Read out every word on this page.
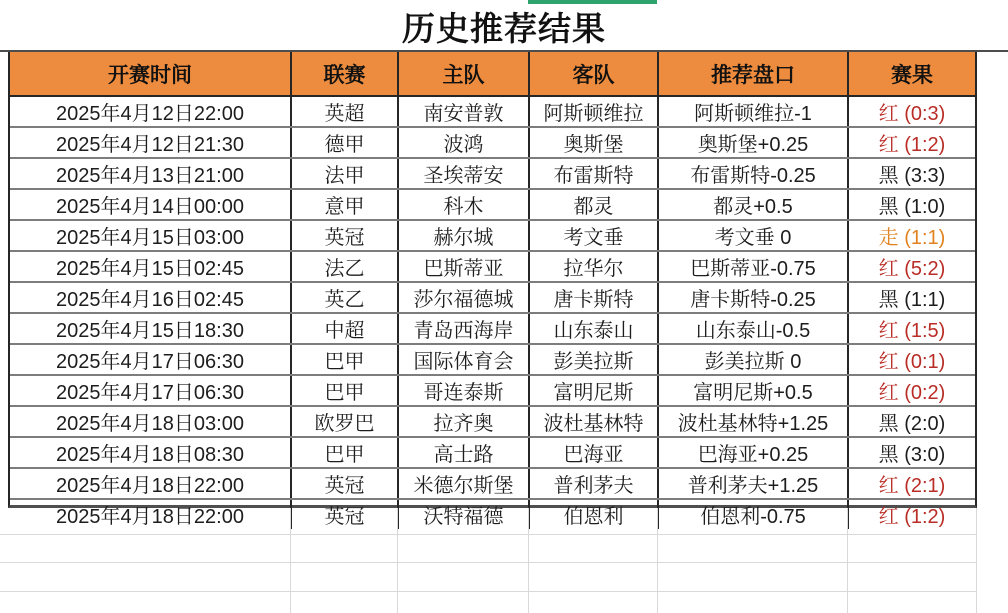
历史推荐结果
开赛时间	联赛	主队	客队	推荐盘口	赛果
2025年4月12日22:00	英超	南安普敦	阿斯顿维拉	阿斯顿维拉-1	红 (0:3)
2025年4月12日21:30	德甲	波鸿	奥斯堡	奥斯堡+0.25	红 (1:2)
2025年4月13日21:00	法甲	圣埃蒂安	布雷斯特	布雷斯特-0.25	黑 (3:3)
2025年4月14日00:00	意甲	科木	都灵	都灵+0.5	黑 (1:0)
2025年4月15日03:00	英冠	赫尔城	考文垂	考文垂 0	走 (1:1)
2025年4月15日02:45	法乙	巴斯蒂亚	拉华尔	巴斯蒂亚-0.75	红 (5:2)
2025年4月16日02:45	英乙	莎尔福德城	唐卡斯特	唐卡斯特-0.25	黑 (1:1)
2025年4月15日18:30	中超	青岛西海岸	山东泰山	山东泰山-0.5	红 (1:5)
2025年4月17日06:30	巴甲	国际体育会	彭美拉斯	彭美拉斯 0	红 (0:1)
2025年4月17日06:30	巴甲	哥连泰斯	富明尼斯	富明尼斯+0.5	红 (0:2)
2025年4月18日03:00	欧罗巴	拉齐奥	波杜基林特	波杜基林特+1.25	黑 (2:0)
2025年4月18日08:30	巴甲	高士路	巴海亚	巴海亚+0.25	黑 (3:0)
2025年4月18日22:00	英冠	米德尔斯堡	普利茅夫	普利茅夫+1.25	红 (2:1)
2025年4月18日22:00	英冠	沃特福德	伯恩利	伯恩利-0.75	红 (1:2)
